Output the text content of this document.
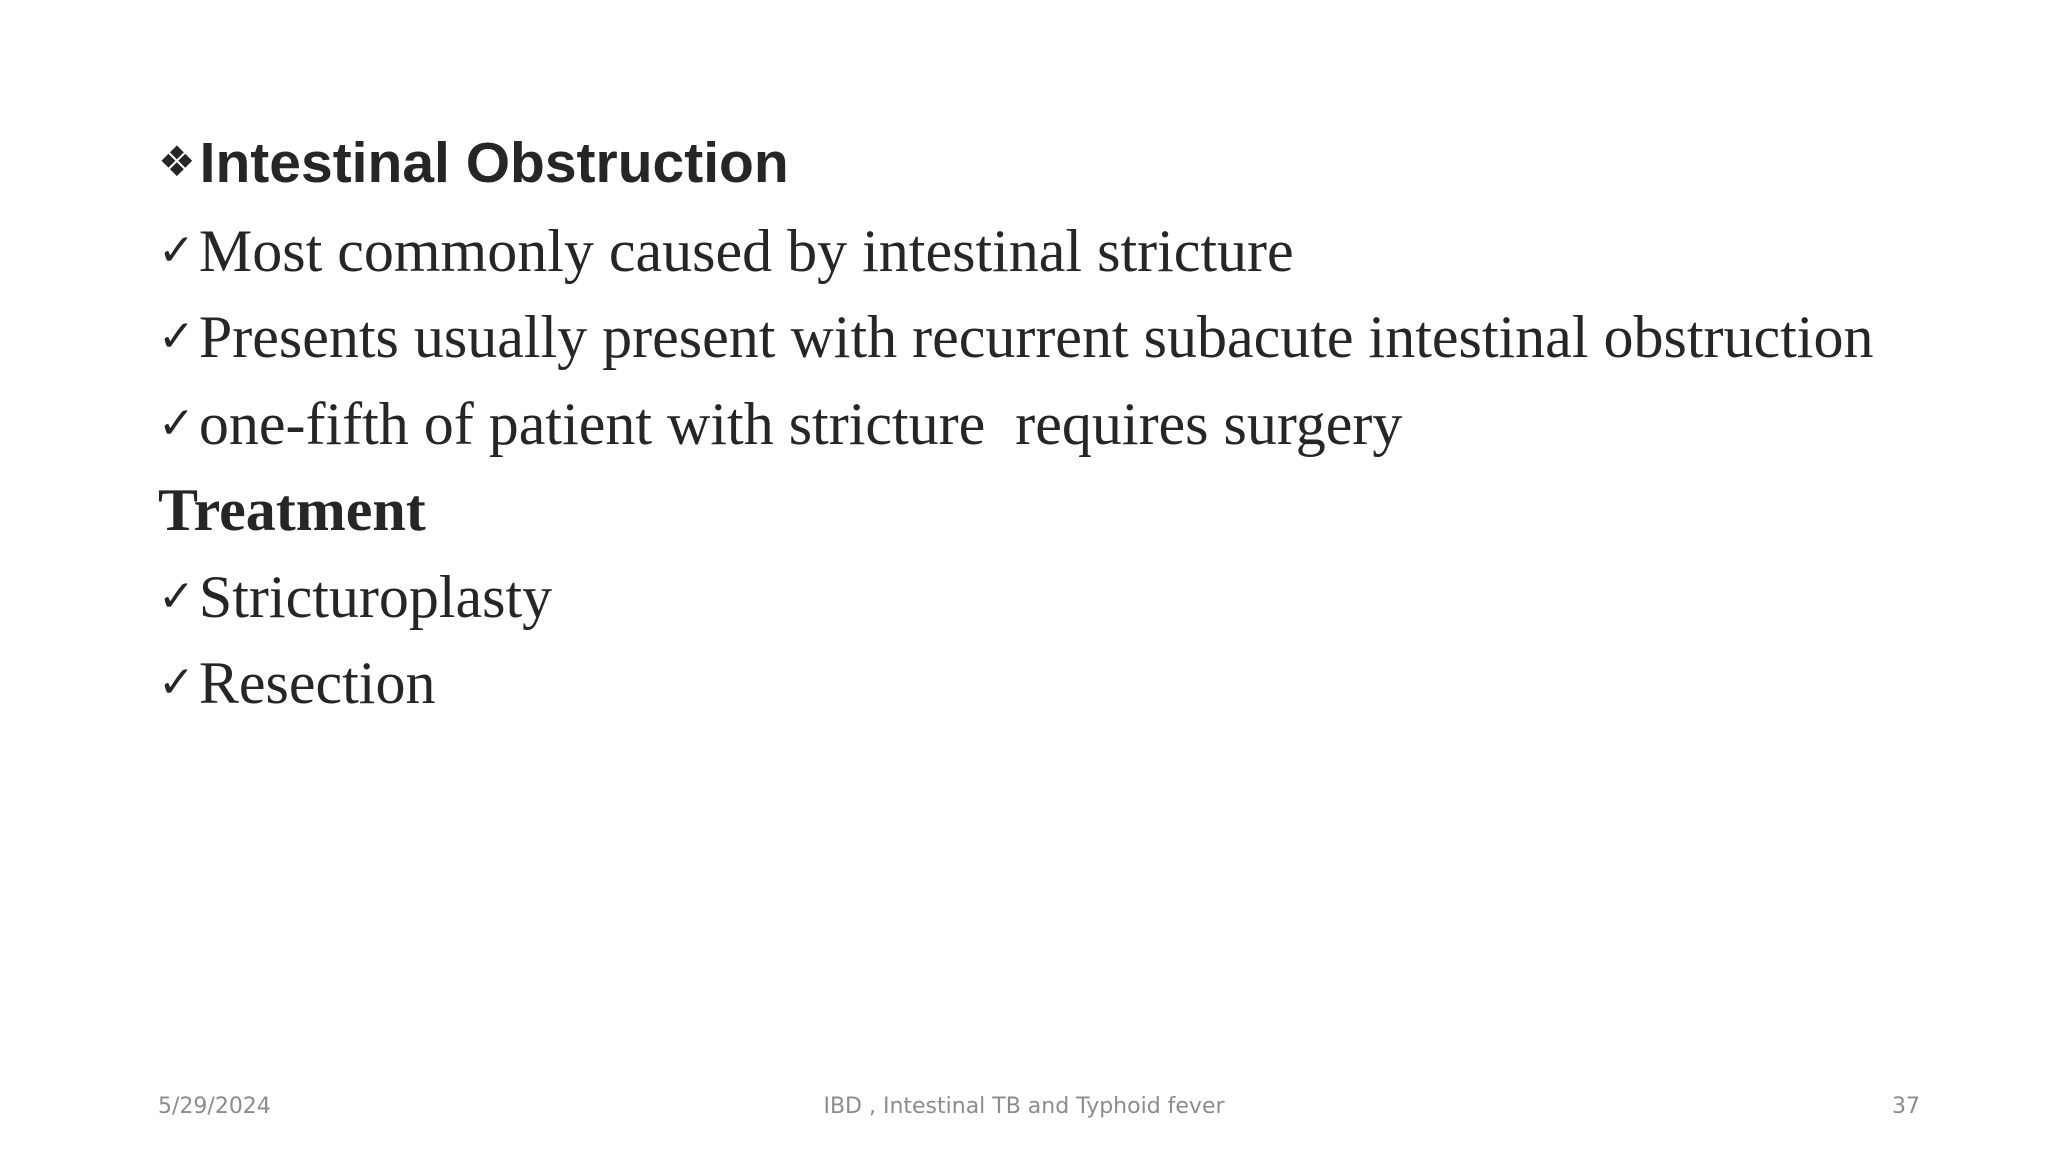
❖ Intestinal Obstruction
✓ Most commonly caused by intestinal stricture
✓ Presents usually present with recurrent subacute intestinal obstruction
✓ one-fifth of patient with stricture  requires surgery
Treatment
✓ Stricturoplasty
✓ Resection
5/29/2024	IBD , Intestinal TB and Typhoid fever	37
